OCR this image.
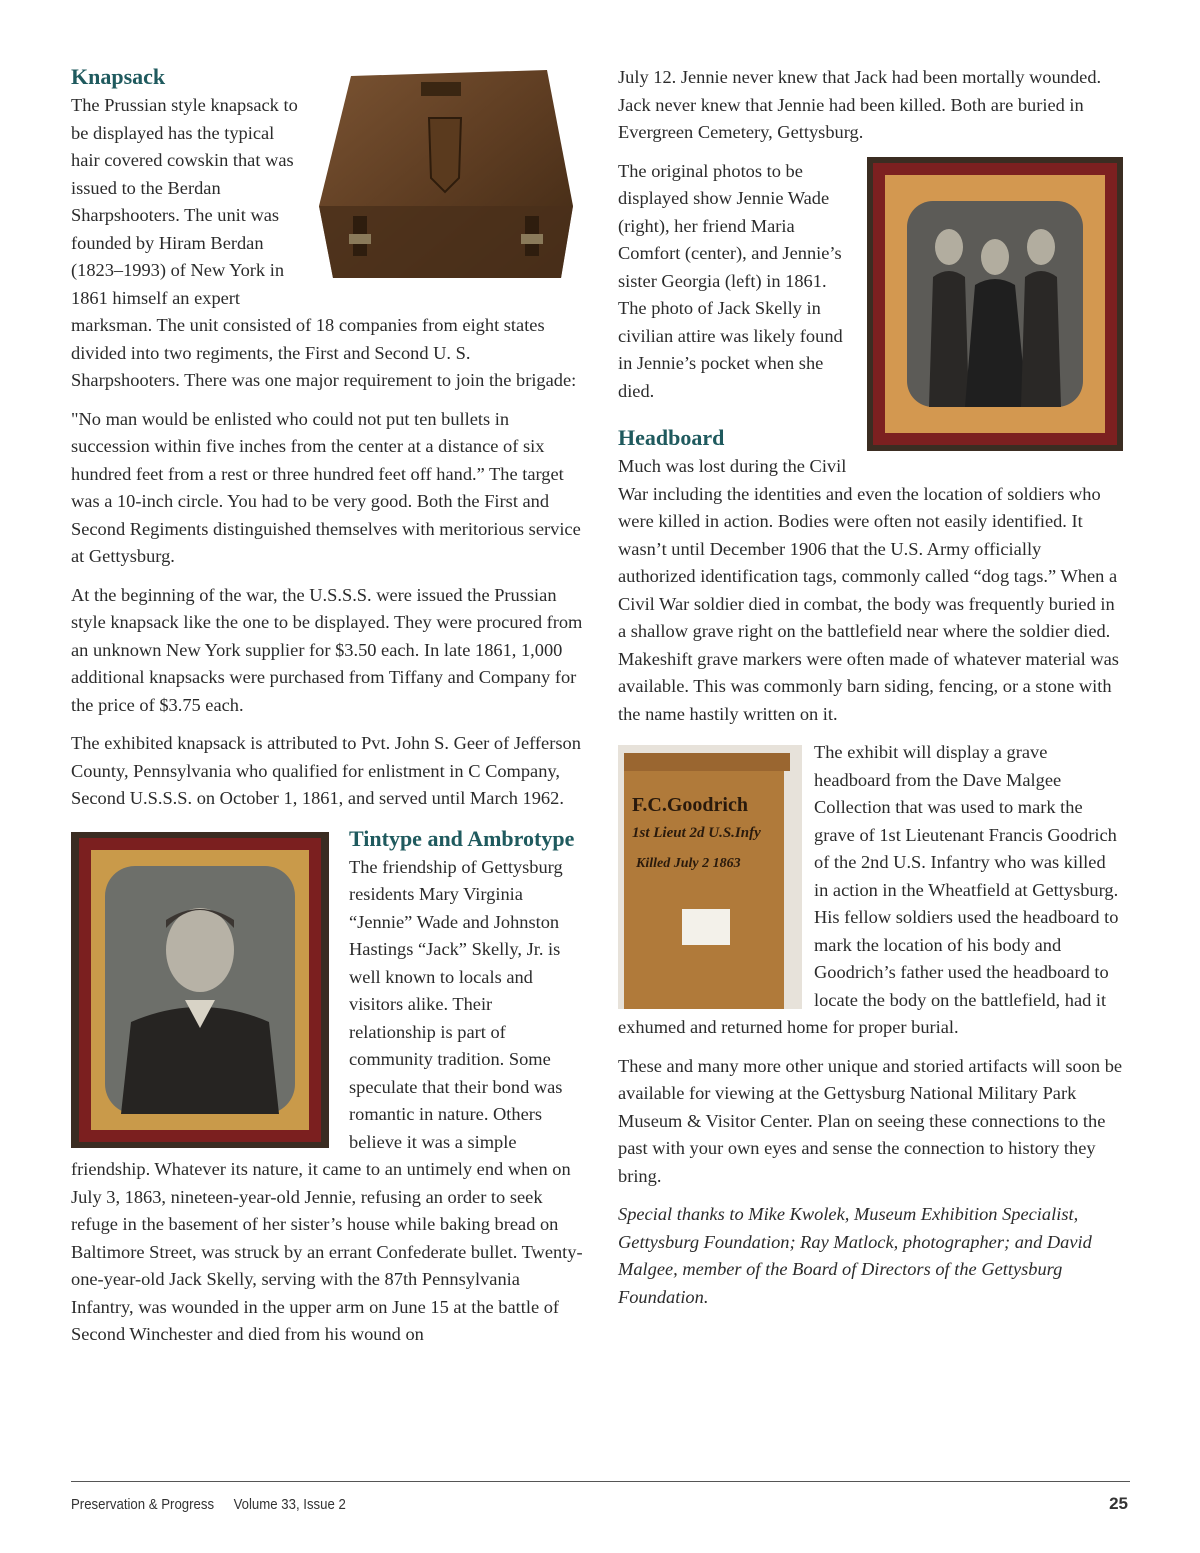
Knapsack

The Prussian style knapsack to be displayed has the typical hair covered cowskin that was issued to the Berdan Sharpshooters. The unit was founded by Hiram Berdan (1823–1993) of New York in 1861 himself an expert marksman. The unit consisted of 18 companies from eight states divided into two regiments, the First and Second U. S. Sharpshooters. There was one major requirement to join the brigade:

"No man would be enlisted who could not put ten bullets in succession within five inches from the center at a distance of six hundred feet from a rest or three hundred feet off hand.” The target was a 10-inch circle. You had to be very good. Both the First and Second Regiments distinguished themselves with meritorious service at Gettysburg.

At the beginning of the war, the U.S.S.S. were issued the Prussian style knapsack like the one to be displayed. They were procured from an unknown New York supplier for $3.50 each. In late 1861, 1,000 additional knapsacks were purchased from Tiffany and Company for the price of $3.75 each.

The exhibited knapsack is attributed to Pvt. John S. Geer of Jefferson County, Pennsylvania who qualified for enlistment in C Company, Second U.S.S.S. on October 1, 1861, and served until March 1962.

Tintype and Ambrotype

The friendship of Gettysburg residents Mary Virginia “Jennie” Wade and Johnston Hastings “Jack” Skelly, Jr. is well known to locals and visitors alike. Their relationship is part of community tradition. Some speculate that their bond was romantic in nature. Others believe it was a simple friendship. Whatever its nature, it came to an untimely end when on July 3, 1863, nineteen-year-old Jennie, refusing an order to seek refuge in the basement of her sister’s house while baking bread on Baltimore Street, was struck by an errant Confederate bullet. Twenty-one-year-old Jack Skelly, serving with the 87th Pennsylvania Infantry, was wounded in the upper arm on June 15 at the battle of Second Winchester and died from his wound on

July 12. Jennie never knew that Jack had been mortally wounded. Jack never knew that Jennie had been killed. Both are buried in Evergreen Cemetery, Gettysburg.

The original photos to be displayed show Jennie Wade (right), her friend Maria Comfort (center), and Jennie’s sister Georgia (left) in 1861. The photo of Jack Skelly in civilian attire was likely found in Jennie’s pocket when she died.

Headboard

Much was lost during the Civil War including the identities and even the location of soldiers who were killed in action. Bodies were often not easily identified. It wasn’t until December 1906 that the U.S. Army officially authorized identification tags, commonly called “dog tags.” When a Civil War soldier died in combat, the body was frequently buried in a shallow grave right on the battlefield near where the soldier died. Makeshift grave markers were often made of whatever material was available. This was commonly barn siding, fencing, or a stone with the name hastily written on it.

F.C.Goodrich
1st Lieut 2d U.S.Infy
Killed July 2 1863

The exhibit will display a grave headboard from the Dave Malgee Collection that was used to mark the grave of 1st Lieutenant Francis Goodrich of the 2nd U.S. Infantry who was killed in action in the Wheatfield at Gettysburg. His fellow soldiers used the headboard to mark the location of his body and Goodrich’s father used the headboard to locate the body on the battlefield, had it exhumed and returned home for proper burial.

These and many more other unique and storied artifacts will soon be available for viewing at the Gettysburg National Military Park Museum & Visitor Center. Plan on seeing these connections to the past with your own eyes and sense the connection to history they bring.

Special thanks to Mike Kwolek, Museum Exhibition Specialist, Gettysburg Foundation; Ray Matlock, photographer; and David Malgee, member of the Board of Directors of the Gettysburg Foundation.

Preservation & Progress Volume 33, Issue 2	25
